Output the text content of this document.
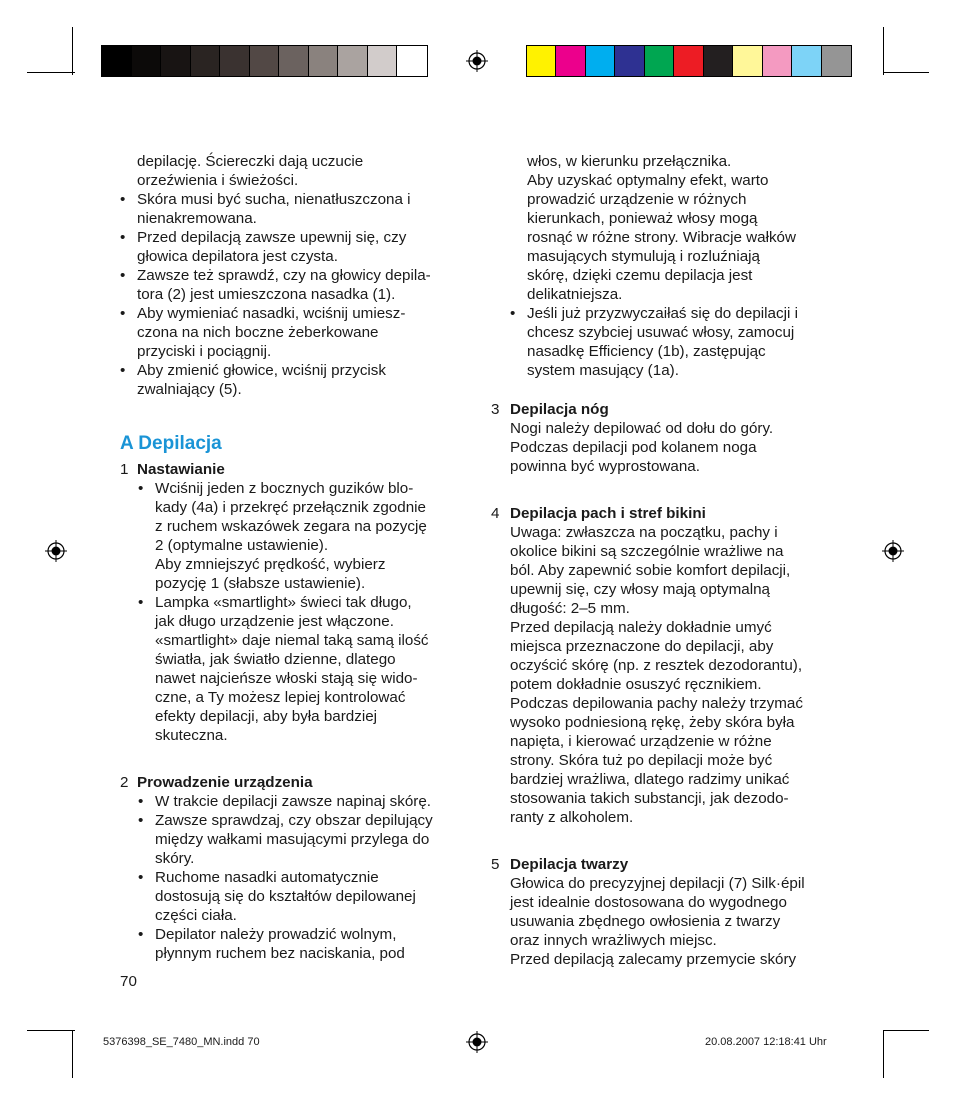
depilację. Ściereczki dają uczucie
orzeźwienia i świeżości.
• Skóra musi być sucha, nienatłuszczona i
nienakremowana.
• Przed depilacją zawsze upewnij się, czy
głowica depilatora jest czysta.
• Zawsze też sprawdź, czy na głowicy depila-
tora (2) jest umieszczona nasadka (1).
• Aby wymieniać nasadki, wciśnij umiesz-
czona na nich boczne żeberkowane
przyciski i pociągnij.
• Aby zmienić głowice, wciśnij przycisk
zwalniający (5).
A Depilacja
1 Nastawianie
• Wciśnij jeden z bocznych guzików blo-
kady (4a) i przekręć przełącznik zgodnie
z ruchem wskazówek zegara na pozycję
2 (optymalne ustawienie).
Aby zmniejszyć prędkość, wybierz
pozycję 1 (słabsze ustawienie).
• Lampka «smartlight» świeci tak długo,
jak długo urządzenie jest włączone.
«smartlight» daje niemal taką samą ilość
światła, jak światło dzienne, dlatego
nawet najcieńsze włoski stają się wido-
czne, a Ty możesz lepiej kontrolować
efekty depilacji, aby była bardziej
skuteczna.
2 Prowadzenie urządzenia
• W trakcie depilacji zawsze napinaj skórę.
• Zawsze sprawdzaj, czy obszar depilujący
między wałkami masującymi przylega do
skóry.
• Ruchome nasadki automatycznie
dostosują się do kształtów depilowanej
części ciała.
• Depilator należy prowadzić wolnym,
płynnym ruchem bez naciskania, pod
70
włos, w kierunku przełącznika.
Aby uzyskać optymalny efekt, warto
prowadzić urządzenie w różnych
kierunkach, ponieważ włosy mogą
rosnąć w różne strony. Wibracje wałków
masujących stymulują i rozluźniają
skórę, dzięki czemu depilacja jest
delikatniejsza.
• Jeśli już przyzwyczaiłaś się do depilacji i
chcesz szybciej usuwać włosy, zamocuj
nasadkę Efficiency (1b), zastępując
system masujący (1a).
3 Depilacja nóg
Nogi należy depilować od dołu do góry.
Podczas depilacji pod kolanem noga
powinna być wyprostowana.
4 Depilacja pach i stref bikini
Uwaga: zwłaszcza na początku, pachy i
okolice bikini są szczególnie wrażliwe na
ból. Aby zapewnić sobie komfort depilacji,
upewnij się, czy włosy mają optymalną
długość: 2–5 mm.
Przed depilacją należy dokładnie umyć
miejsca przeznaczone do depilacji, aby
oczyścić skórę (np. z resztek dezodorantu),
potem dokładnie osuszyć ręcznikiem.
Podczas depilowania pachy należy trzymać
wysoko podniesioną rękę, żeby skóra była
napięta, i kierować urządzenie w różne
strony. Skóra tuż po depilacji może być
bardziej wrażliwa, dlatego radzimy unikać
stosowania takich substancji, jak dezodo-
ranty z alkoholem.
5 Depilacja twarzy
Głowica do precyzyjnej depilacji (7) Silk·épil
jest idealnie dostosowana do wygodnego
usuwania zbędnego owłosienia z twarzy
oraz innych wrażliwych miejsc.
Przed depilacją zalecamy przemycie skóry
5376398_SE_7480_MN.indd 70	20.08.2007 12:18:41 Uhr
